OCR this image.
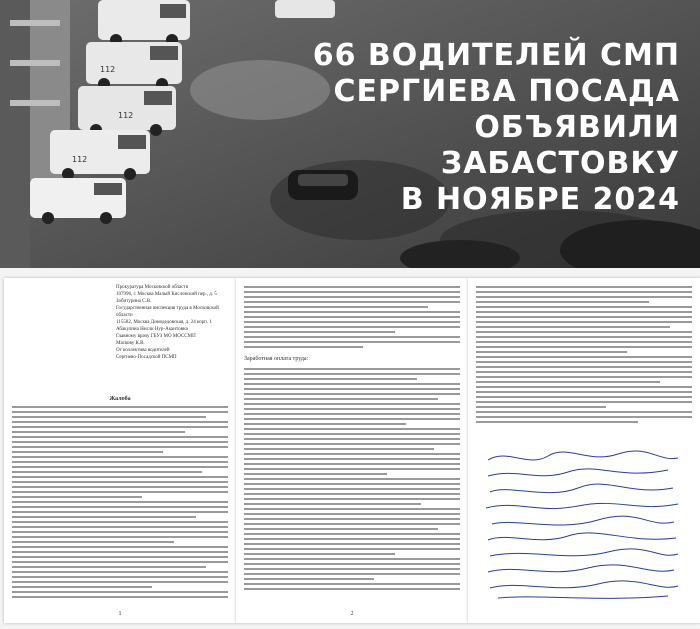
112
112
112
66 ВОДИТЕЛЕЙ СМП
СЕРГИЕВА ПОСАДА
ОБЪЯВИЛИ
ЗАБАСТОВКУ
В НОЯБРЕ 2024
Прокуратура Московской области
107996, г. Москва Малый Кисловский пер., д. 5
Зобитурина С.В.
Государственная инспекция труда в Московской области
115582, Москва Домодедовская, д. 24 корп. 1
Абакулина Нелли Нур-Акантовна
Главному врачу ГБУЗ МО МОССМП
Маскову К.В.
От коллектива водителей
Сергиево-Посадской ПСМП
Жалоба
1
Заработная оплата труда:
2
